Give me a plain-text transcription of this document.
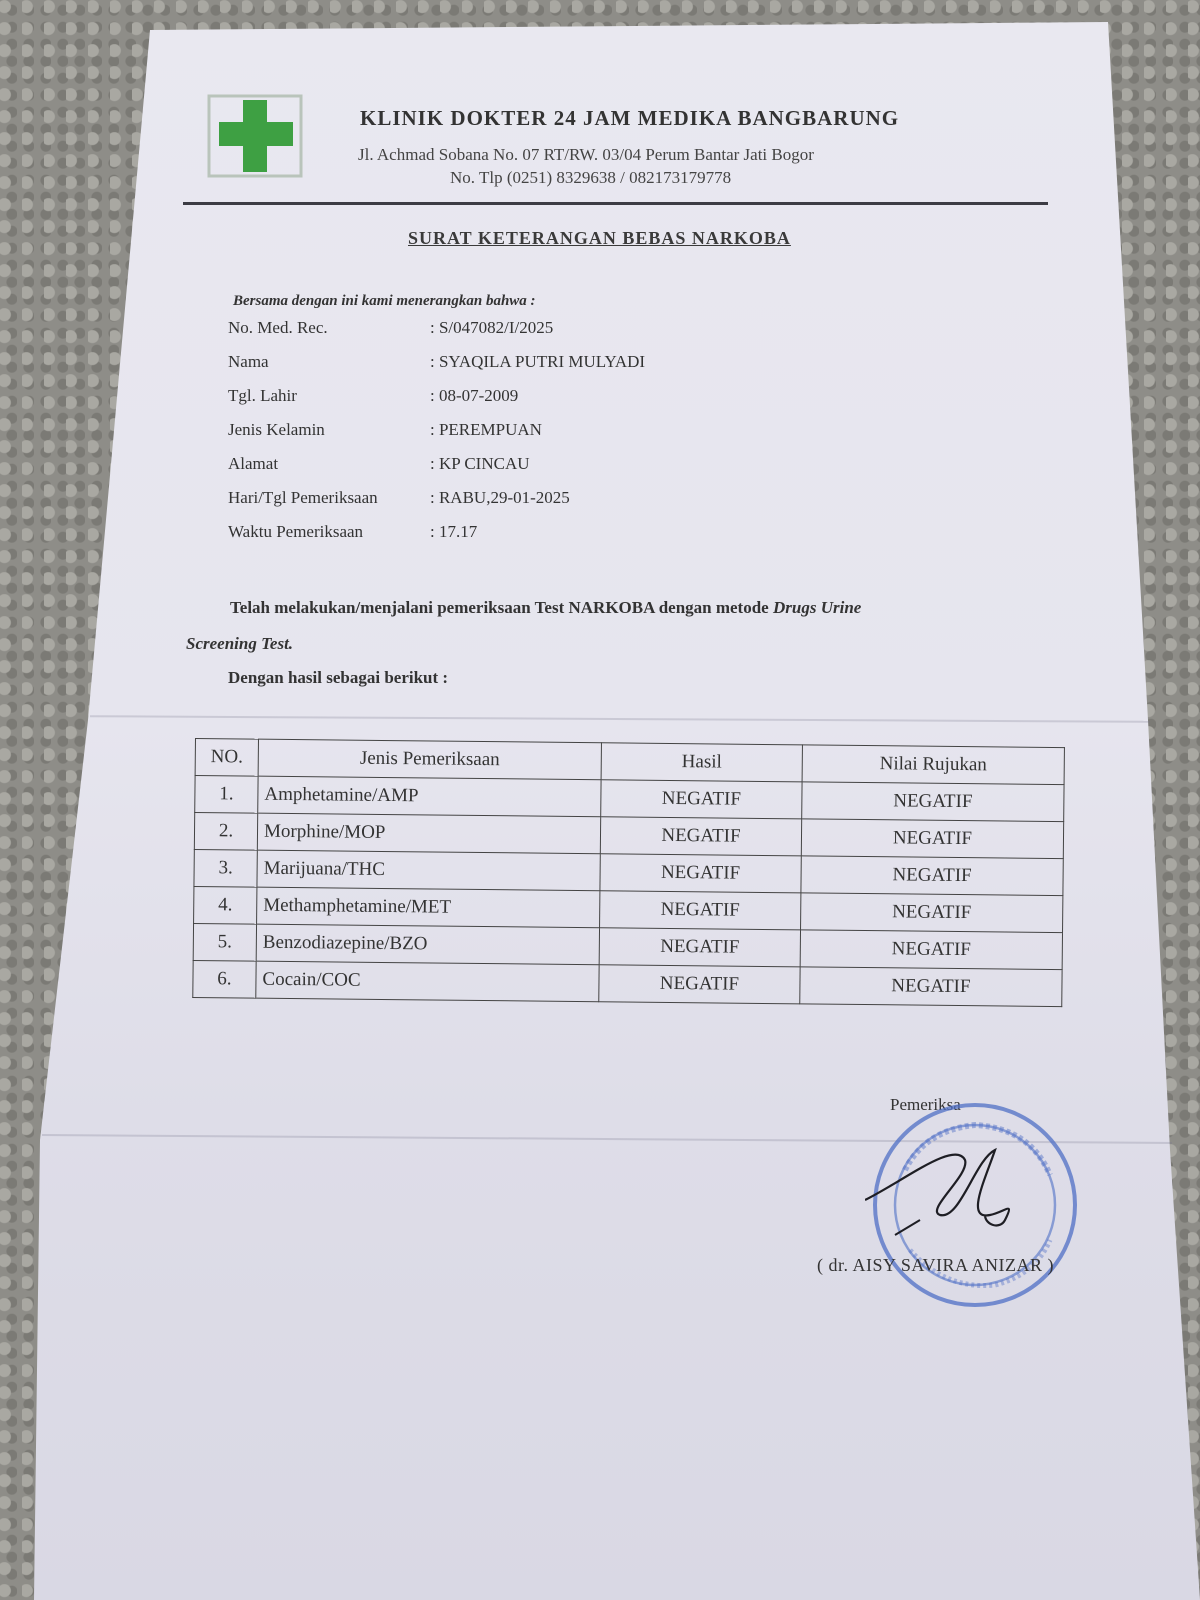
KLINIK DOKTER 24 JAM MEDIKA BANGBARUNG
Jl. Achmad Sobana No. 07 RT/RW. 03/04 Perum Bantar Jati Bogor
No. Tlp (0251) 8329638 / 082173179778
SURAT KETERANGAN BEBAS NARKOBA
Bersama dengan ini kami menerangkan bahwa :
No. Med. Rec.	: S/047082/I/2025
Nama	: SYAQILA PUTRI MULYADI
Tgl. Lahir	: 08-07-2009
Jenis Kelamin	: PEREMPUAN
Alamat	: KP CINCAU
Hari/Tgl Pemeriksaan	: RABU,29-01-2025
Waktu Pemeriksaan	: 17.17
Telah melakukan/menjalani pemeriksaan Test NARKOBA dengan metode Drugs Urine
Screening Test.
Dengan hasil sebagai berikut :
NO.	Jenis Pemeriksaan	Hasil	Nilai Rujukan
1.	Amphetamine/AMP	NEGATIF	NEGATIF
2.	Morphine/MOP	NEGATIF	NEGATIF
3.	Marijuana/THC	NEGATIF	NEGATIF
4.	Methamphetamine/MET	NEGATIF	NEGATIF
5.	Benzodiazepine/BZO	NEGATIF	NEGATIF
6.	Cocain/COC	NEGATIF	NEGATIF
Pemeriksa
( dr. AISY SAVIRA ANIZAR )
